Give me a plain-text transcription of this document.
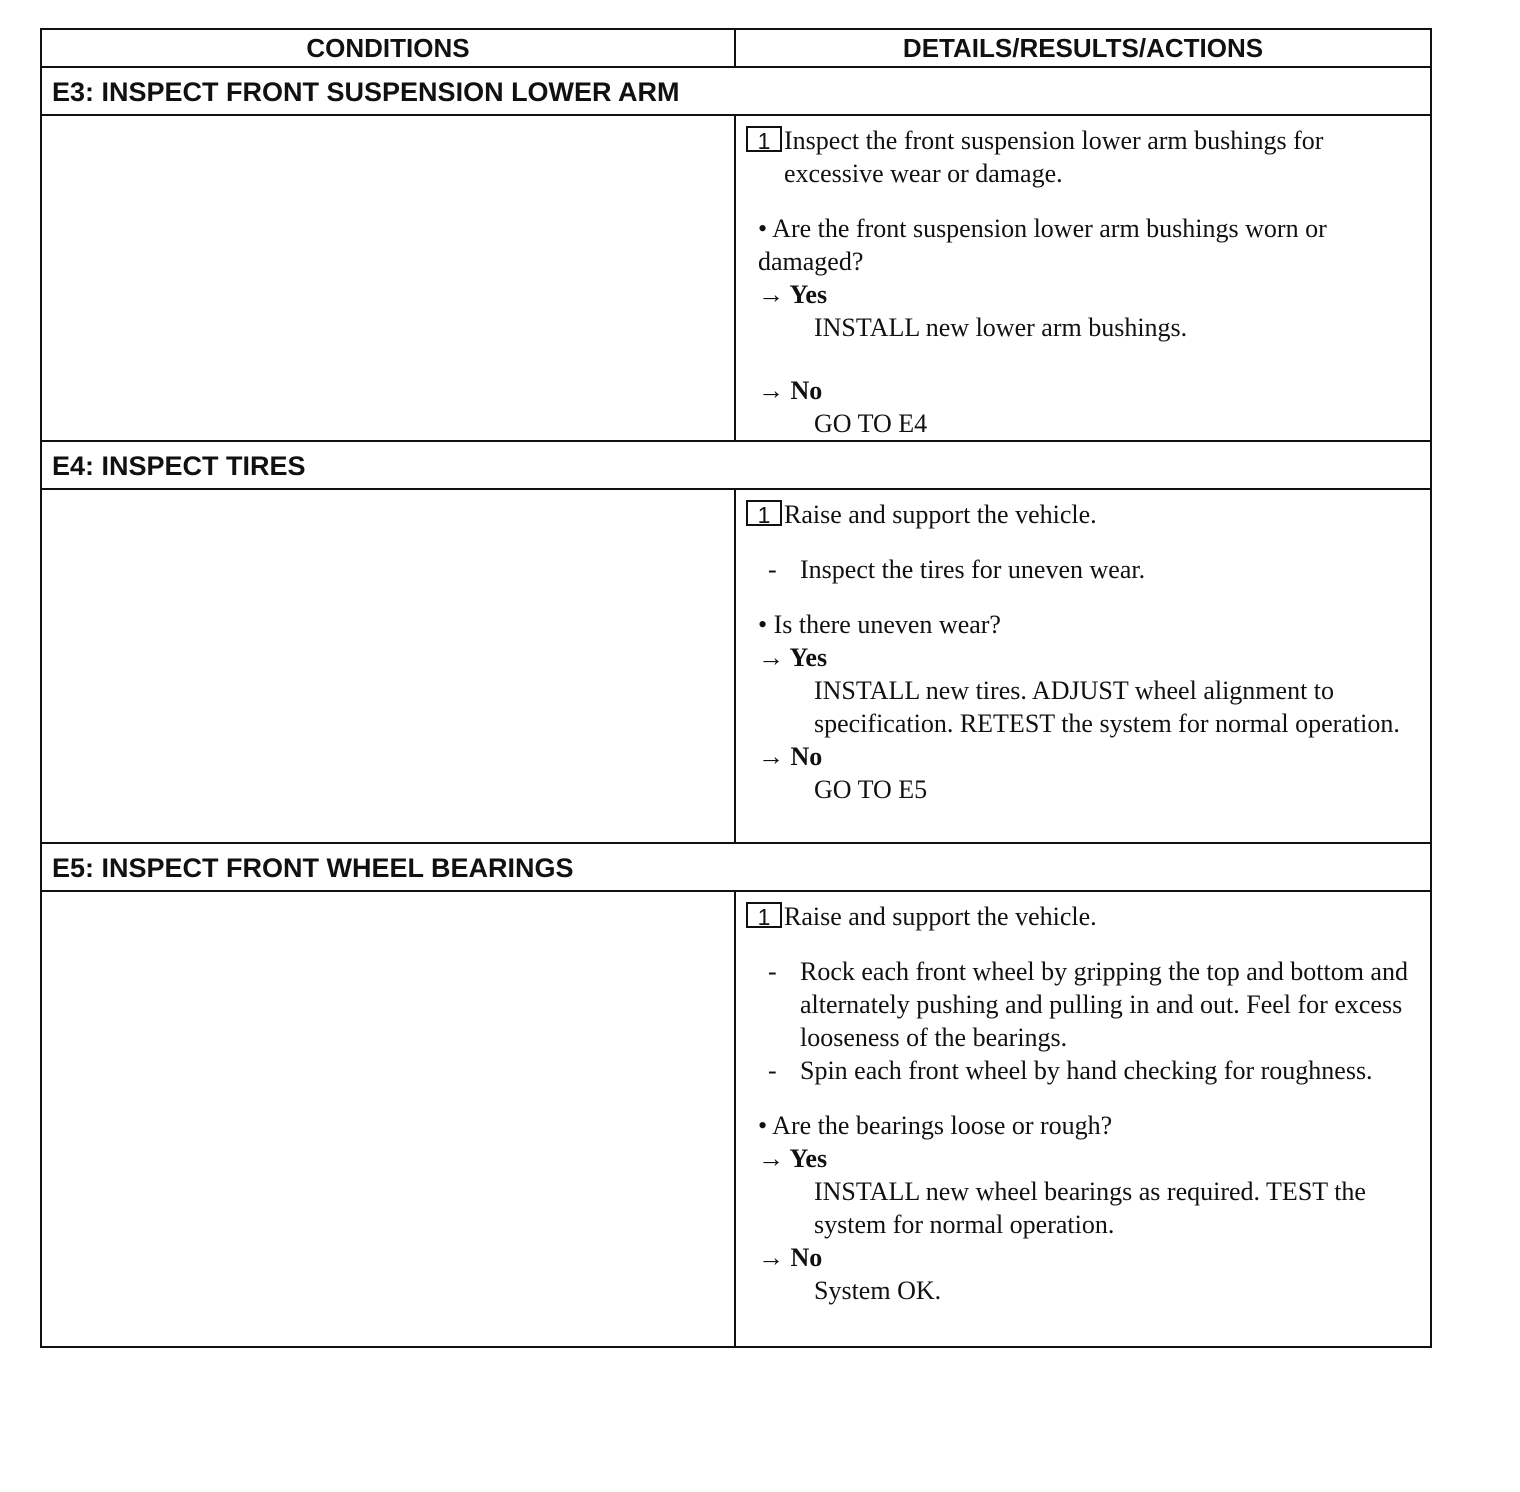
CONDITIONS	DETAILS/RESULTS/ACTIONS
E3: INSPECT FRONT SUSPENSION LOWER ARM
1 Inspect the front suspension lower arm bushings for excessive wear or damage.
• Are the front suspension lower arm bushings worn or damaged?
→ Yes
INSTALL new lower arm bushings.
→ No
GO TO E4
E4: INSPECT TIRES
1 Raise and support the vehicle.
- Inspect the tires for uneven wear.
• Is there uneven wear?
→ Yes
INSTALL new tires. ADJUST wheel alignment to specification. RETEST the system for normal operation.
→ No
GO TO E5
E5: INSPECT FRONT WHEEL BEARINGS
1 Raise and support the vehicle.
- Rock each front wheel by gripping the top and bottom and alternately pushing and pulling in and out. Feel for excess looseness of the bearings.
- Spin each front wheel by hand checking for roughness.
• Are the bearings loose or rough?
→ Yes
INSTALL new wheel bearings as required. TEST the system for normal operation.
→ No
System OK.
